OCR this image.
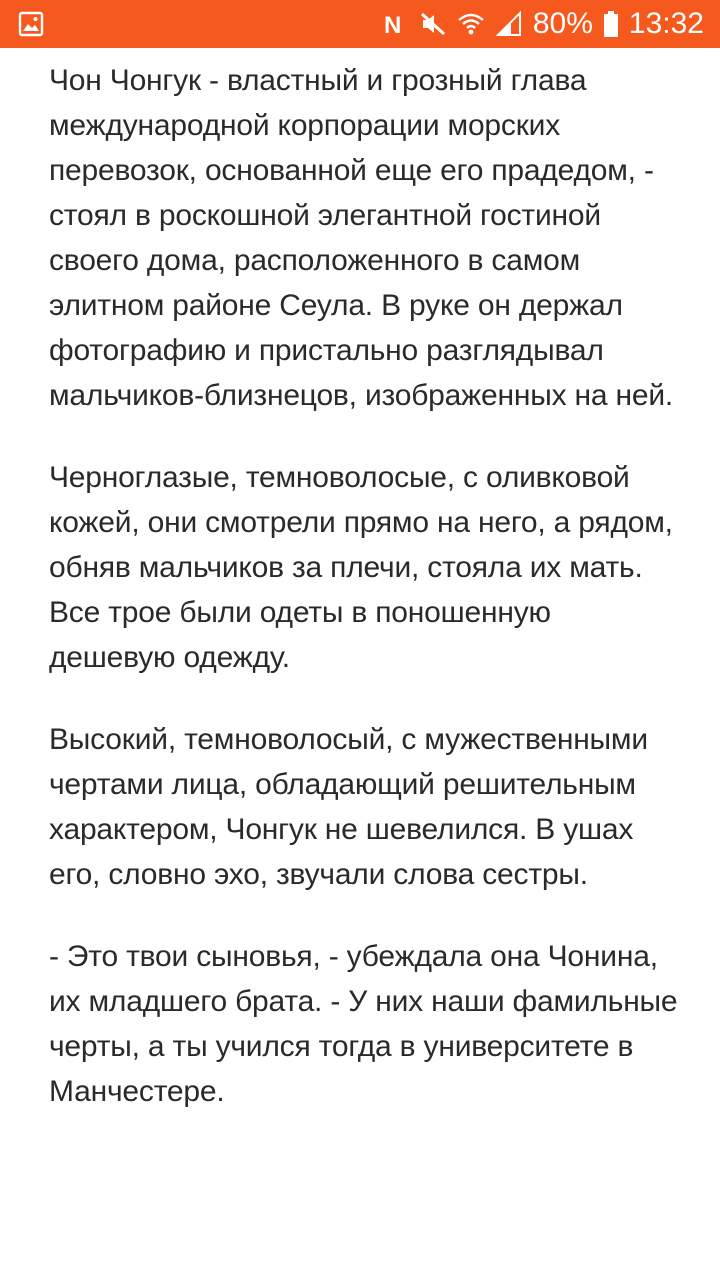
N	80% 13:32

Чон Чонгук - властный и грозный глава международной корпорации морских перевозок, основанной еще его прадедом, - стоял в роскошной элегантной гостиной своего дома, расположенного в самом элитном районе Сеула. В руке он держал фотографию и пристально разглядывал мальчиков-близнецов, изображенных на ней.

Черноглазые, темноволосые, с оливковой кожей, они смотрели прямо на него, а рядом, обняв мальчиков за плечи, стояла их мать. Все трое были одеты в поношенную дешевую одежду.

Высокий, темноволосый, с мужественными чертами лица, обладающий решительным характером, Чонгук не шевелился. В ушах его, словно эхо, звучали слова сестры.

- Это твои сыновья, - убеждала она Чонина, их младшего брата. - У них наши фамильные черты, а ты учился тогда в университете в Манчестере.
